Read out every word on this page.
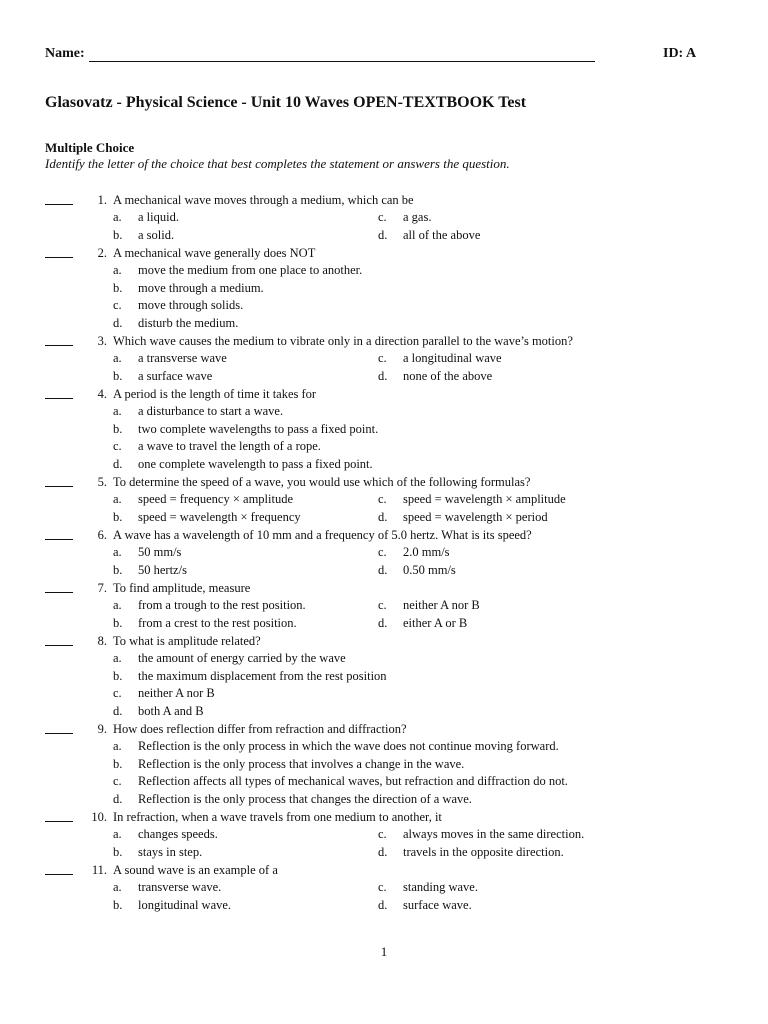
Name:	ID: A
Glasovatz - Physical Science - Unit 10 Waves OPEN-TEXTBOOK Test
Multiple Choice
Identify the letter of the choice that best completes the statement or answers the question.
1. A mechanical wave moves through a medium, which can be
a. a liquid.	c. a gas.
b. a solid.	d. all of the above
2. A mechanical wave generally does NOT
a. move the medium from one place to another.
b. move through a medium.
c. move through solids.
d. disturb the medium.
3. Which wave causes the medium to vibrate only in a direction parallel to the wave’s motion?
a. a transverse wave	c. a longitudinal wave
b. a surface wave	d. none of the above
4. A period is the length of time it takes for
a. a disturbance to start a wave.
b. two complete wavelengths to pass a fixed point.
c. a wave to travel the length of a rope.
d. one complete wavelength to pass a fixed point.
5. To determine the speed of a wave, you would use which of the following formulas?
a. speed = frequency × amplitude	c. speed = wavelength × amplitude
b. speed = wavelength × frequency	d. speed = wavelength × period
6. A wave has a wavelength of 10 mm and a frequency of 5.0 hertz. What is its speed?
a. 50 mm/s	c. 2.0 mm/s
b. 50 hertz/s	d. 0.50 mm/s
7. To find amplitude, measure
a. from a trough to the rest position.	c. neither A nor B
b. from a crest to the rest position.	d. either A or B
8. To what is amplitude related?
a. the amount of energy carried by the wave
b. the maximum displacement from the rest position
c. neither A nor B
d. both A and B
9. How does reflection differ from refraction and diffraction?
a. Reflection is the only process in which the wave does not continue moving forward.
b. Reflection is the only process that involves a change in the wave.
c. Reflection affects all types of mechanical waves, but refraction and diffraction do not.
d. Reflection is the only process that changes the direction of a wave.
10. In refraction, when a wave travels from one medium to another, it
a. changes speeds.	c. always moves in the same direction.
b. stays in step.	d. travels in the opposite direction.
11. A sound wave is an example of a
a. transverse wave.	c. standing wave.
b. longitudinal wave.	d. surface wave.
1
